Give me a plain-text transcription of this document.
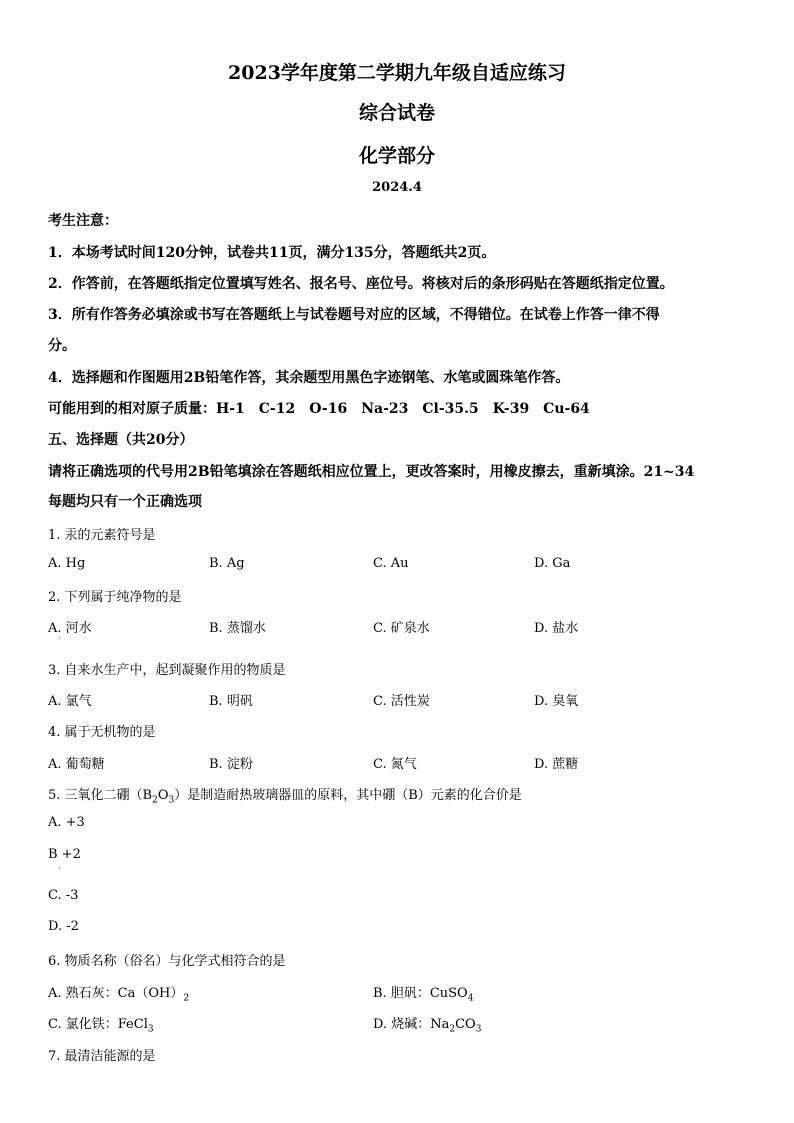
2023学年度第二学期九年级自适应练习
综合试卷
化学部分
2024.4
考生注意：
1．本场考试时间120分钟，试卷共11页，满分135分，答题纸共2页。
2．作答前，在答题纸指定位置填写姓名、报名号、座位号。将核对后的条形码贴在答题纸指定位置。
3．所有作答务必填涂或书写在答题纸上与试卷题号对应的区域，不得错位。在试卷上作答一律不得
分。
4．选择题和作图题用2B铅笔作答，其余题型用黑色字迹钢笔、水笔或圆珠笔作答。
可能用到的相对原子质量：H-1　C-12　O-16　Na-23　Cl-35.5　K-39　Cu-64
五、选择题（共20分）
请将正确选项的代号用2B铅笔填涂在答题纸相应位置上，更改答案时，用橡皮擦去，重新填涂。21~34
每题均只有一个正确选项
1. 汞的元素符号是
A. Hg	B. Ag	C. Au	D. Ga
2. 下列属于纯净物的是
A. 河水
·
B. 蒸馏水	C. 矿泉水	D. 盐水
3. 自来水生产中，起到凝聚作用的物质是
A. 氯气	B. 明矾	C. 活性炭	D. 臭氧
4. 属于无机物的是
A. 葡萄糖	B. 淀粉	C. 氮气	D. 蔗糖
5. 三氧化二硼$(B_2O_3)$是制造耐热玻璃器皿的原料，其中硼（B）元素的化合价是
A. +3
B +2
·
C. -3
D. -2
6. 物质名称（俗名）与化学式相符合的是
A. 熟石灰：$Ca(OH)_2$	B. 胆矾：CuSO$_4$
C. 氯化铁：FeCl$_3$	D. 烧碱：$Na_2CO_3$
7. 最清洁能源的是
